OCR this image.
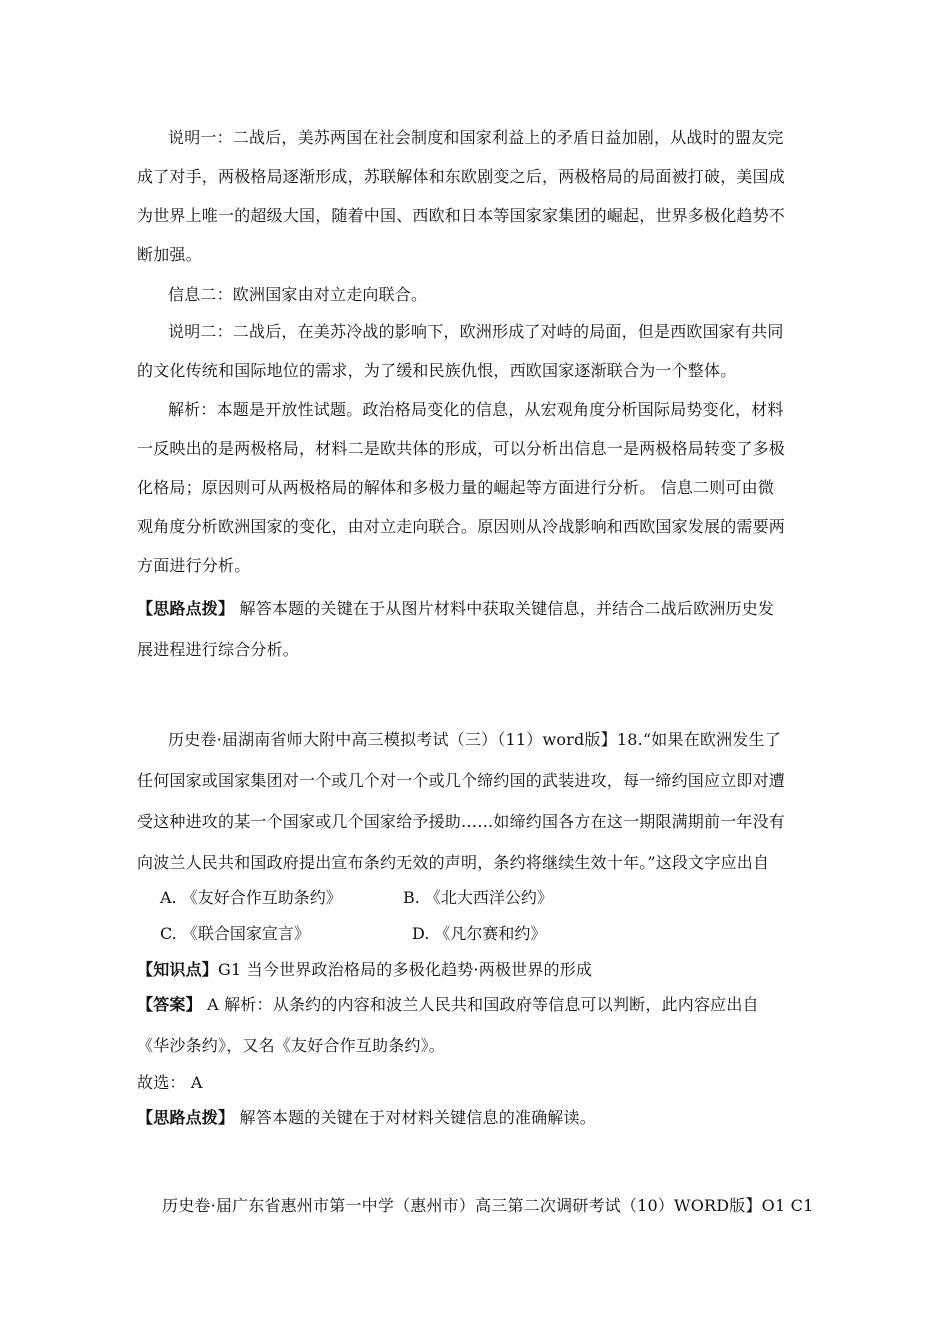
说明一：二战后，美苏两国在社会制度和国家利益上的矛盾日益加剧，从战时的盟友完
成了对手，两极格局逐渐形成，苏联解体和东欧剧变之后，两极格局的局面被打破，美国成
为世界上唯一的超级大国，随着中国、西欧和日本等国家家集团的崛起，世界多极化趋势不
断加强。
信息二：欧洲国家由对立走向联合。
说明二：二战后，在美苏冷战的影响下，欧洲形成了对峙的局面，但是西欧国家有共同
的文化传统和国际地位的需求，为了缓和民族仇恨，西欧国家逐渐联合为一个整体。
解析：本题是开放性试题。政治格局变化的信息，从宏观角度分析国际局势变化，材料
一反映出的是两极格局，材料二是欧共体的形成，可以分析出信息一是两极格局转变了多极
化格局；原因则可从两极格局的解体和多极力量的崛起等方面进行分析。 信息二则可由微
观角度分析欧洲国家的变化，由对立走向联合。原因则从冷战影响和西欧国家发展的需要两
方面进行分析。
【思路点拨】 解答本题的关键在于从图片材料中获取关键信息，并结合二战后欧洲历史发
展进程进行综合分析。
历史卷·届湖南省师大附中高三模拟考试（三）（11）word版】18.“如果在欧洲发生了
任何国家或国家集团对一个或几个对一个或几个缔约国的武装进攻，每一缔约国应立即对遭
受这种进攻的某一个国家或几个国家给予援助……如缔约国各方在这一期限满期前一年没有
向波兰人民共和国政府提出宣布条约无效的声明，条约将继续生效十年。”这段文字应出自
A. 《友好合作互助条约》	B. 《北大西洋公约》
C. 《联合国家宣言》	D. 《凡尔赛和约》
【知识点】G1 当今世界政治格局的多极化趋势·两极世界的形成
【答案】 A 解析：从条约的内容和波兰人民共和国政府等信息可以判断，此内容应出自
《华沙条约》，又名《友好合作互助条约》。
故选： A
【思路点拨】 解答本题的关键在于对材料关键信息的准确解读。
历史卷·届广东省惠州市第一中学（惠州市）高三第二次调研考试（10）WORD版】O1 C1
